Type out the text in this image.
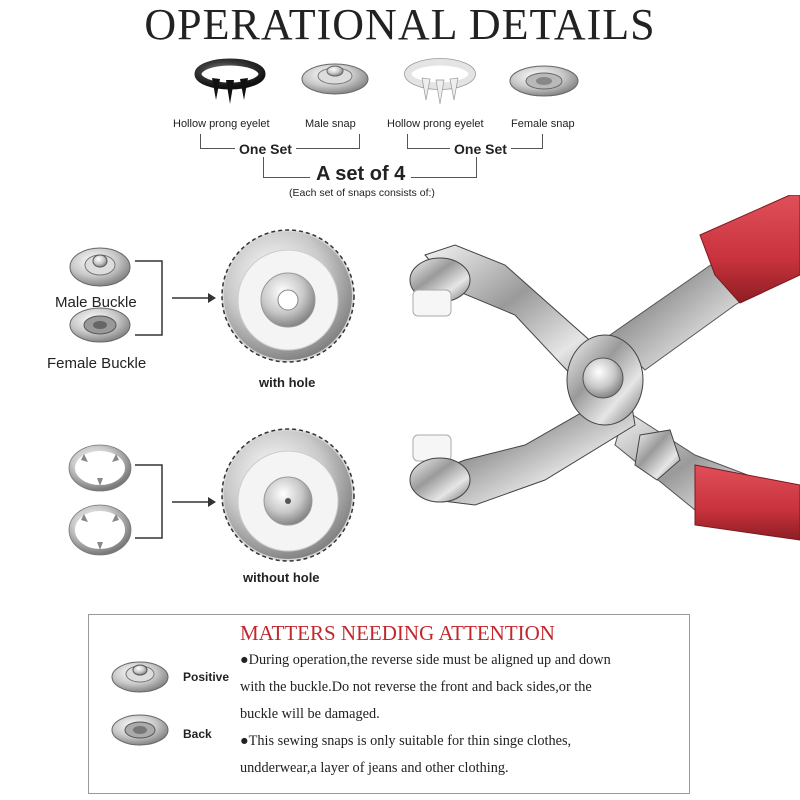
OPERATIONAL DETAILS
Hollow prong eyelet	Male snap	Hollow prong eyelet Female snap
One Set	One Set
A set of 4
(Each set of snaps consists of:)
Male Buckle
Female Buckle
with hole
without hole
MATTERS NEEDING ATTENTION
Positive
Back
●During operation,the reverse side must be aligned up and down
with the buckle.Do not reverse the front and back sides,or the
buckle will be damaged.
●This sewing snaps is only suitable for thin singe clothes,
undderwear,a layer of jeans and other clothing.
